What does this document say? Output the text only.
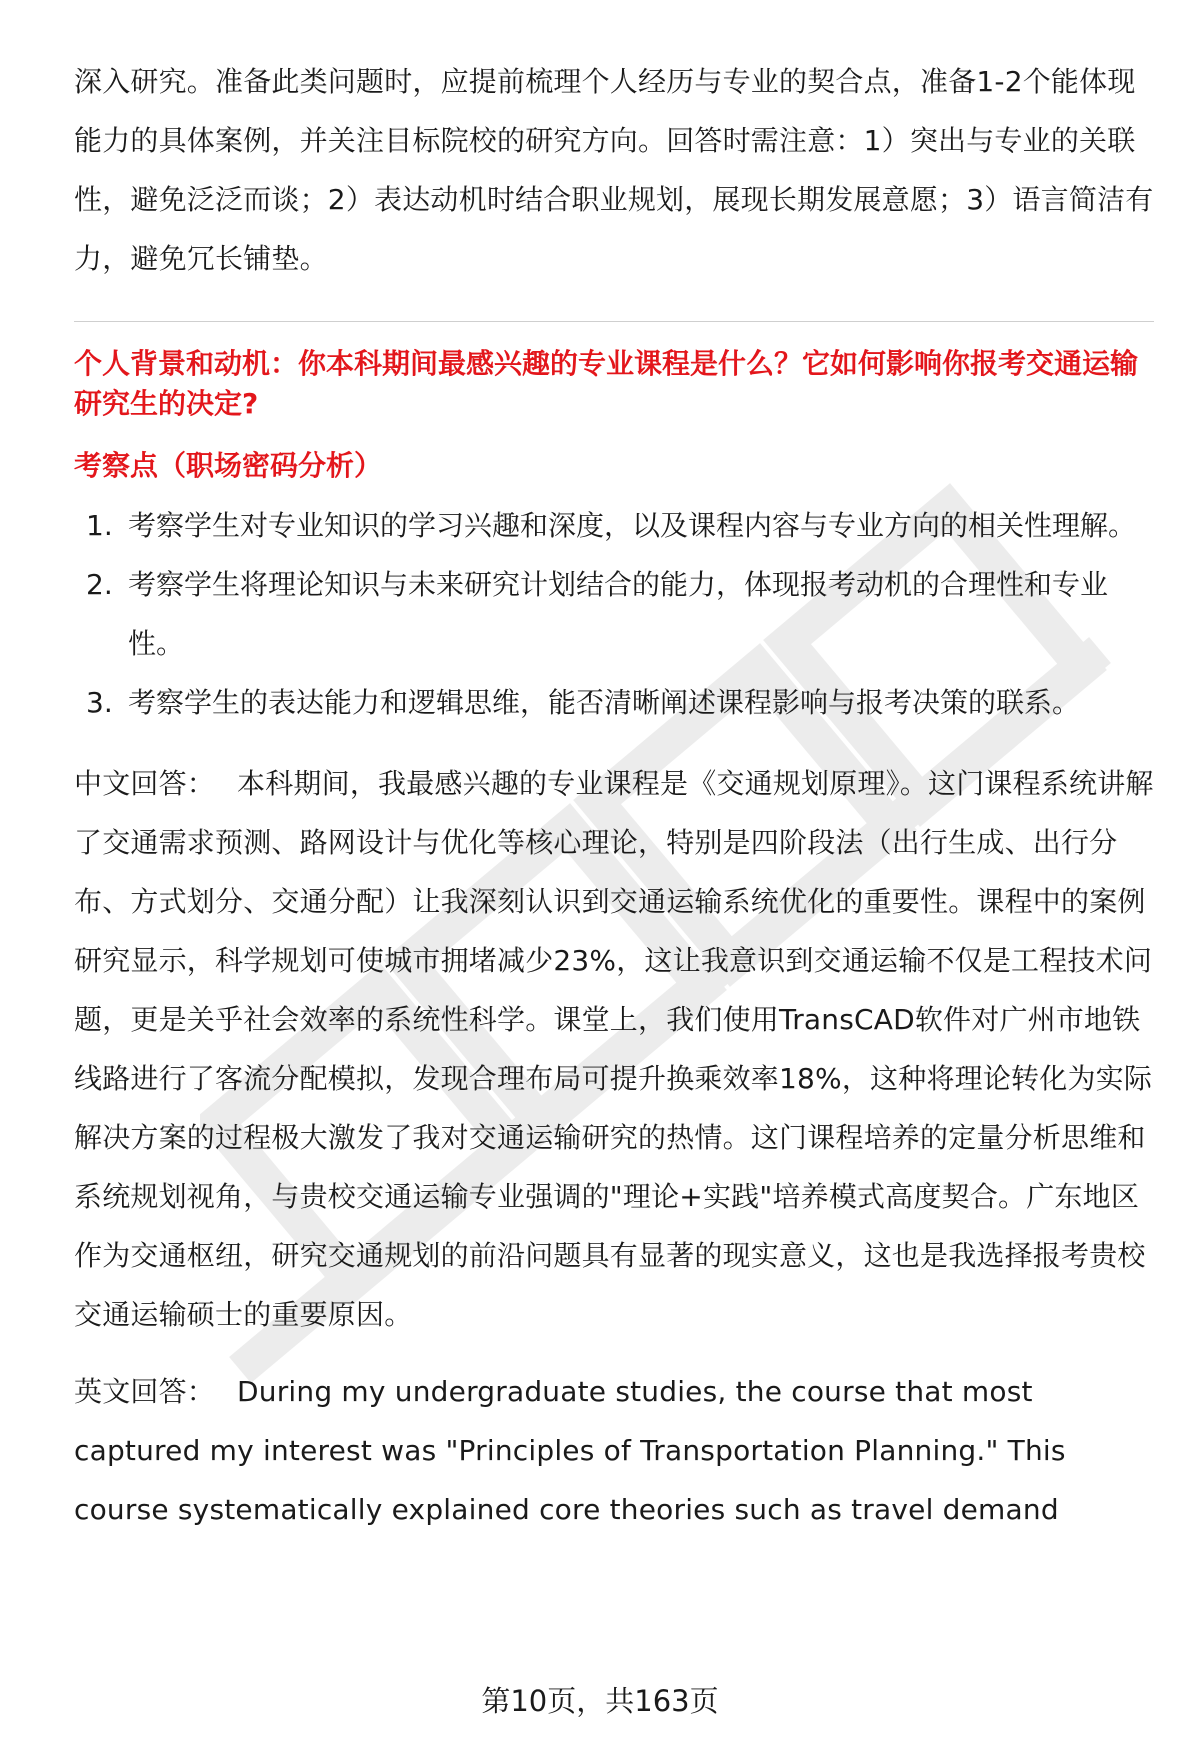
深入研究。准备此类问题时，应提前梳理个人经历与专业的契合点，准备1-2个能体现能力的具体案例，并关注目标院校的研究方向。回答时需注意：1）突出与专业的关联性，避免泛泛而谈；2）表达动机时结合职业规划，展现长期发展意愿；3）语言简洁有力，避免冗长铺垫。

个人背景和动机：你本科期间最感兴趣的专业课程是什么？它如何影响你报考交通运输研究生的决定?

考察点（职场密码分析）

1. 考察学生对专业知识的学习兴趣和深度，以及课程内容与专业方向的相关性理解。
2. 考察学生将理论知识与未来研究计划结合的能力，体现报考动机的合理性和专业性。
3. 考察学生的表达能力和逻辑思维，能否清晰阐述课程影响与报考决策的联系。

中文回答： 本科期间，我最感兴趣的专业课程是《交通规划原理》。这门课程系统讲解了交通需求预测、路网设计与优化等核心理论，特别是四阶段法（出行生成、出行分布、方式划分、交通分配）让我深刻认识到交通运输系统优化的重要性。课程中的案例研究显示，科学规划可使城市拥堵减少23%，这让我意识到交通运输不仅是工程技术问题，更是关乎社会效率的系统性科学。课堂上，我们使用TransCAD软件对广州市地铁线路进行了客流分配模拟，发现合理布局可提升换乘效率18%，这种将理论转化为实际解决方案的过程极大激发了我对交通运输研究的热情。这门课程培养的定量分析思维和系统规划视角，与贵校交通运输专业强调的"理论+实践"培养模式高度契合。广东地区作为交通枢纽，研究交通规划的前沿问题具有显著的现实意义，这也是我选择报考贵校交通运输硕士的重要原因。

英文回答： During my undergraduate studies, the course that most captured my interest was "Principles of Transportation Planning." This course systematically explained core theories such as travel demand

第10页，共163页
